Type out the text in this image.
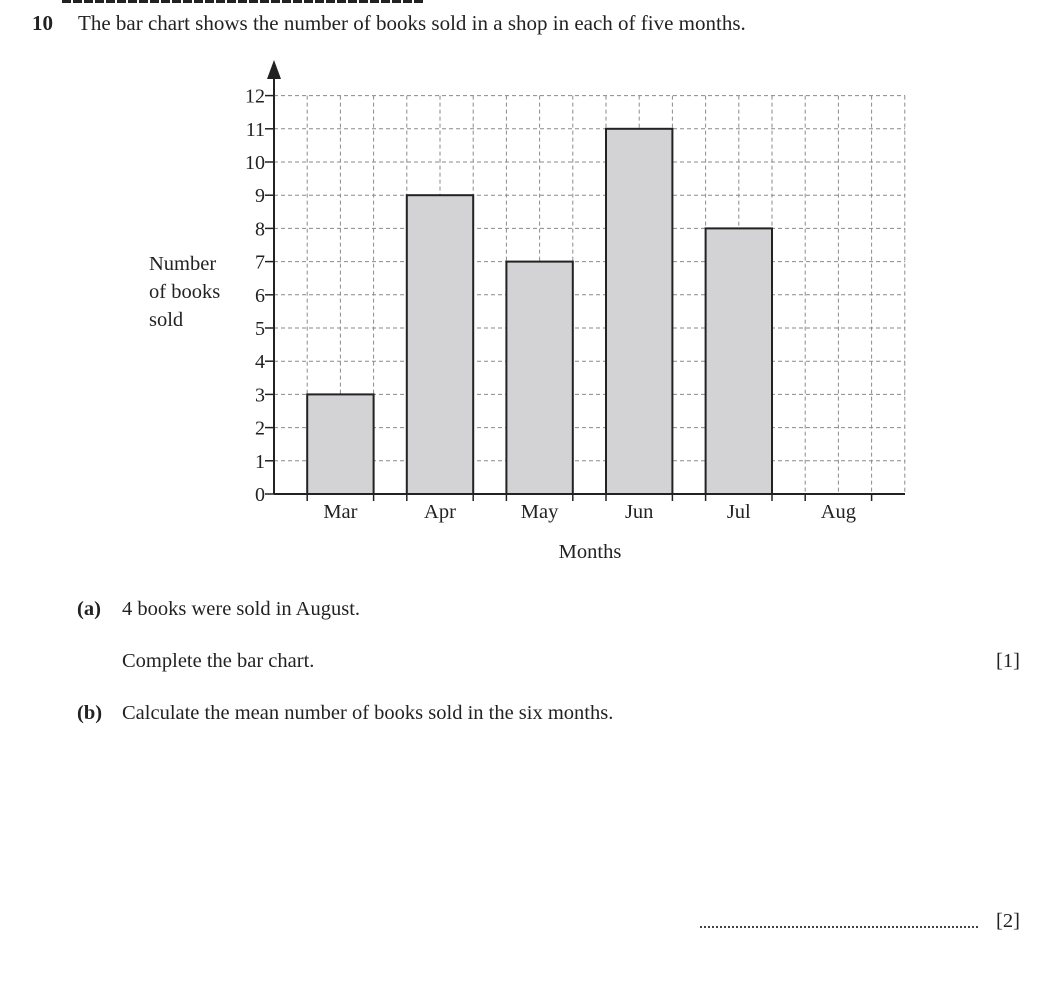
10 The bar chart shows the number of books sold in a shop in each of five months.
Mar	Apr	May	Jun	Jul	Aug
0
1
2
3
4
5
6
7
8
9
10
11
12
Months
Number
of books
sold
(a) 4 books were sold in August.
Complete the bar chart.	[1]
(b) Calculate the mean number of books sold in the six months.
[2]
